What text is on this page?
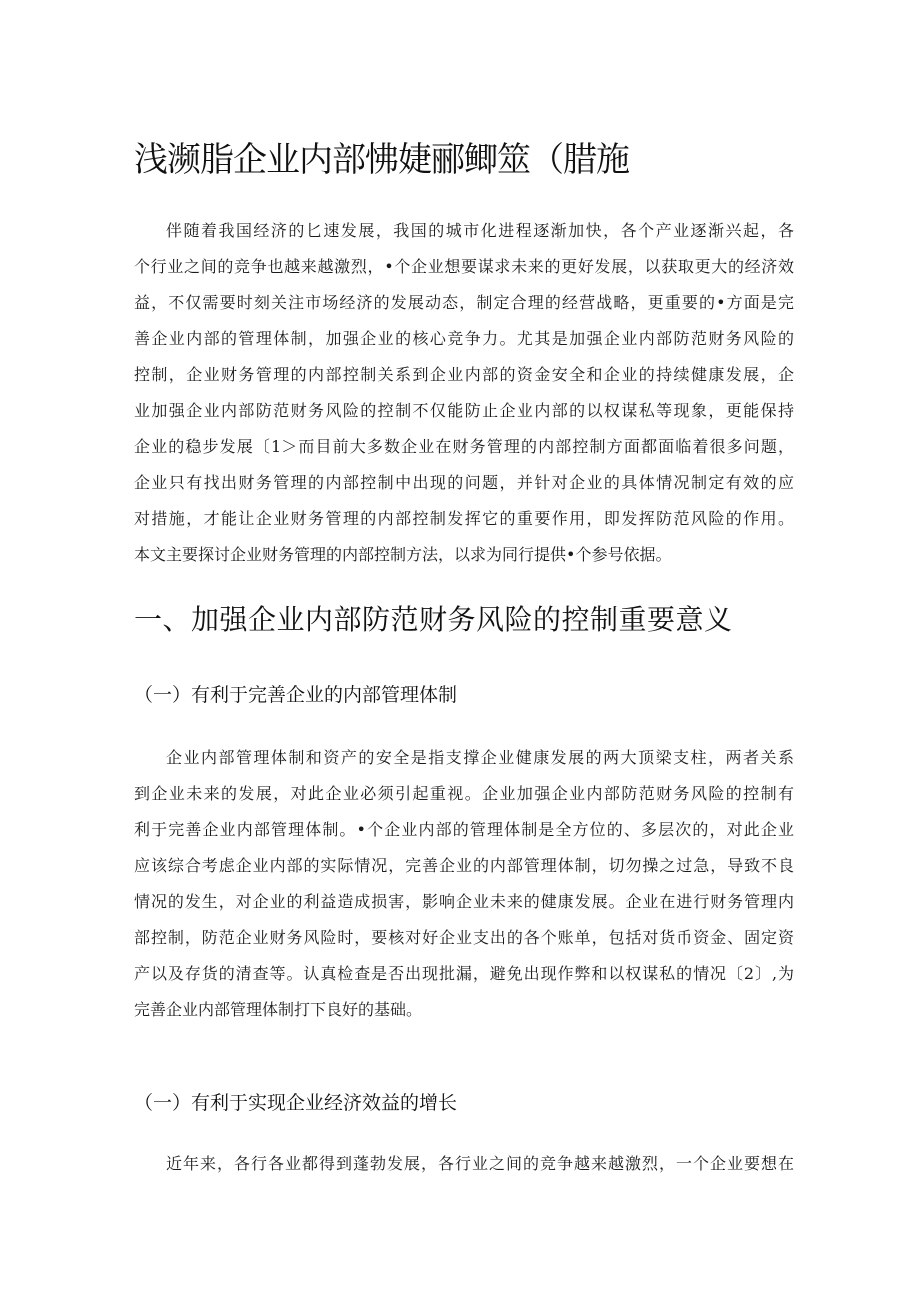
浅濒脂企业内部怫婕郦鲫筮（腊施
伴随着我国经济的匕速发展，我国的城市化进程逐渐加快，各个产业逐渐兴起，各
个行业之间的竞争也越来越激烈，•个企业想要谋求未来的更好发展，以获取更大的经济效
益，不仅需要时刻关注市场经济的发展动态，制定合理的经营战略，更重要的•方面是完
善企业内部的管理体制，加强企业的核心竞争力。尤其是加强企业内部防范财务风险的
控制，企业财务管理的内部控制关系到企业内部的资金安全和企业的持续健康发展，企
业加强企业内部防范财务风险的控制不仅能防止企业内部的以权谋私等现象，更能保持
企业的稳步发展〔1＞而目前大多数企业在财务管理的内部控制方面都面临着很多问题，
企业只有找出财务管理的内部控制中出现的问题，并针对企业的具体情况制定有效的应
对措施，才能让企业财务管理的内部控制发挥它的重要作用，即发挥防范风险的作用。
本文主要探讨企业财务管理的内部控制方法，以求为同行提供•个参号依据。
一、加强企业内部防范财务风险的控制重要意义
（一）有利于完善企业的内部管理体制
企业内部管理体制和资产的安全是指支撑企业健康发展的两大顶梁支柱，两者关系
到企业未来的发展，对此企业必须引起重视。企业加强企业内部防范财务风险的控制有
利于完善企业内部管理体制。•个企业内部的管理体制是全方位的、多层次的，对此企业
应该综合考虑企业内部的实际情况，完善企业的内部管理体制，切勿操之过急，导致不良
情况的发生，对企业的利益造成损害，影响企业未来的健康发展。企业在进行财务管理内
部控制，防范企业财务风险时，要核对好企业支出的各个账单，包括对货币资金、固定资
产以及存货的清查等。认真检查是否出现批漏，避免出现作弊和以权谋私的情况〔2〕,为
完善企业内部管理体制打下良好的基础。
（一）有利于实现企业经济效益的增长
近年来，各行各业都得到蓬勃发展，各行业之间的竞争越来越激烈，一个企业要想在
